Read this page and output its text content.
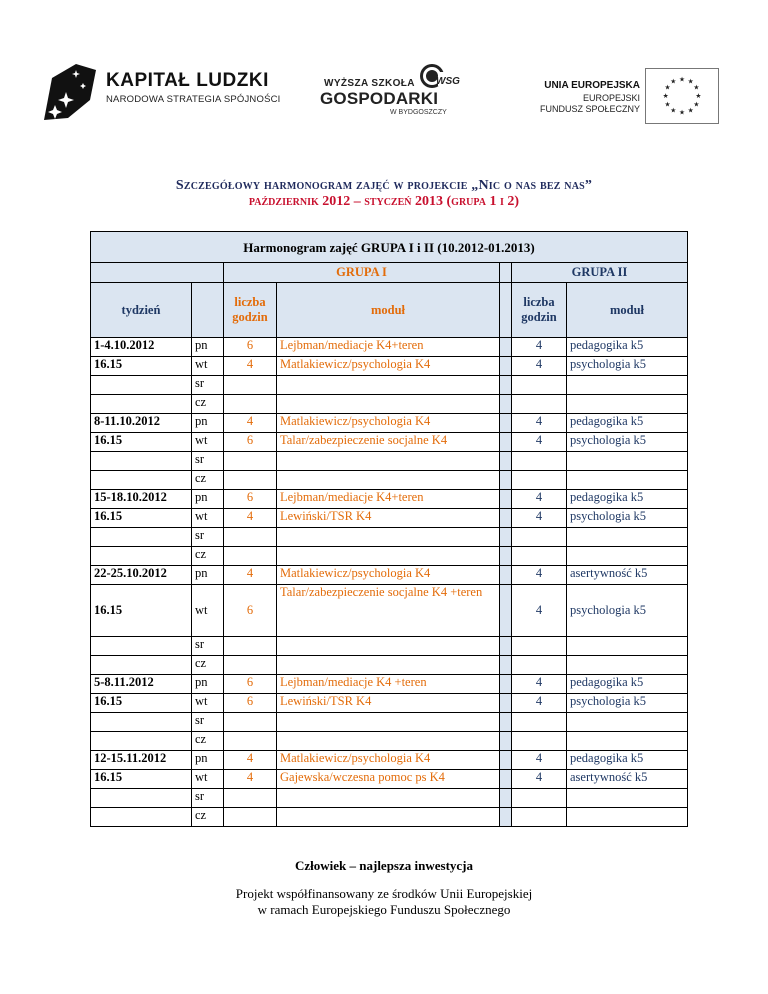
KAPITAŁ LUDZKI
NARODOWA STRATEGIA SPÓJNOŚCI
WSG
WYŻSZA SZKOŁA
GOSPODARKI
W BYDGOSZCZY
UNIA EUROPEJSKA
EUROPEJSKI
FUNDUSZ SPOŁECZNY
★ ★
★
★
★
★
★
★
★
★
★
★
Szczegółowy harmonogram zajęć w projekcie „Nic o nas bez nas”
październik 2012 – styczeń 2013 (grupa 1 i 2)
Harmonogram zajęć GRUPA I i II (10.2012-01.2013)						
		GRUPA I			GRUPA II	
tydzień		liczba godzin	moduł		liczba godzin	moduł
1-4.10.2012	pn	6	Lejbman/mediacje K4+teren		4	pedagogika k5
16.15	wt	4	Matlakiewicz/psychologia K4		4	psychologia k5
	sr					
	cz					
8-11.10.2012	pn	4	Matlakiewicz/psychologia K4		4	pedagogika k5
16.15	wt	6	Talar/zabezpieczenie socjalne K4		4	psychologia k5
	sr					
	cz					
15-18.10.2012	pn	6	Lejbman/mediacje K4+teren		4	pedagogika k5
16.15	wt	4	Lewiński/TSR K4		4	psychologia k5
	sr					
	cz					
22-25.10.2012	pn	4	Matlakiewicz/psychologia K4		4	asertywność k5
16.15	wt	6	Talar/zabezpieczenie socjalne K4 +teren		4	psychologia k5
	sr					
	cz					
5-8.11.2012	pn	6	Lejbman/mediacje K4 +teren		4	pedagogika k5
16.15	wt	6	Lewiński/TSR K4		4	psychologia k5
	sr					
	cz					
12-15.11.2012	pn	4	Matlakiewicz/psychologia K4		4	pedagogika k5
16.15	wt	4	Gajewska/wczesna pomoc ps K4		4	asertywność k5
	sr					
	cz					
Człowiek – najlepsza inwestycja
Projekt współfinansowany ze środków Unii Europejskiej
w ramach Europejskiego Funduszu Społecznego
